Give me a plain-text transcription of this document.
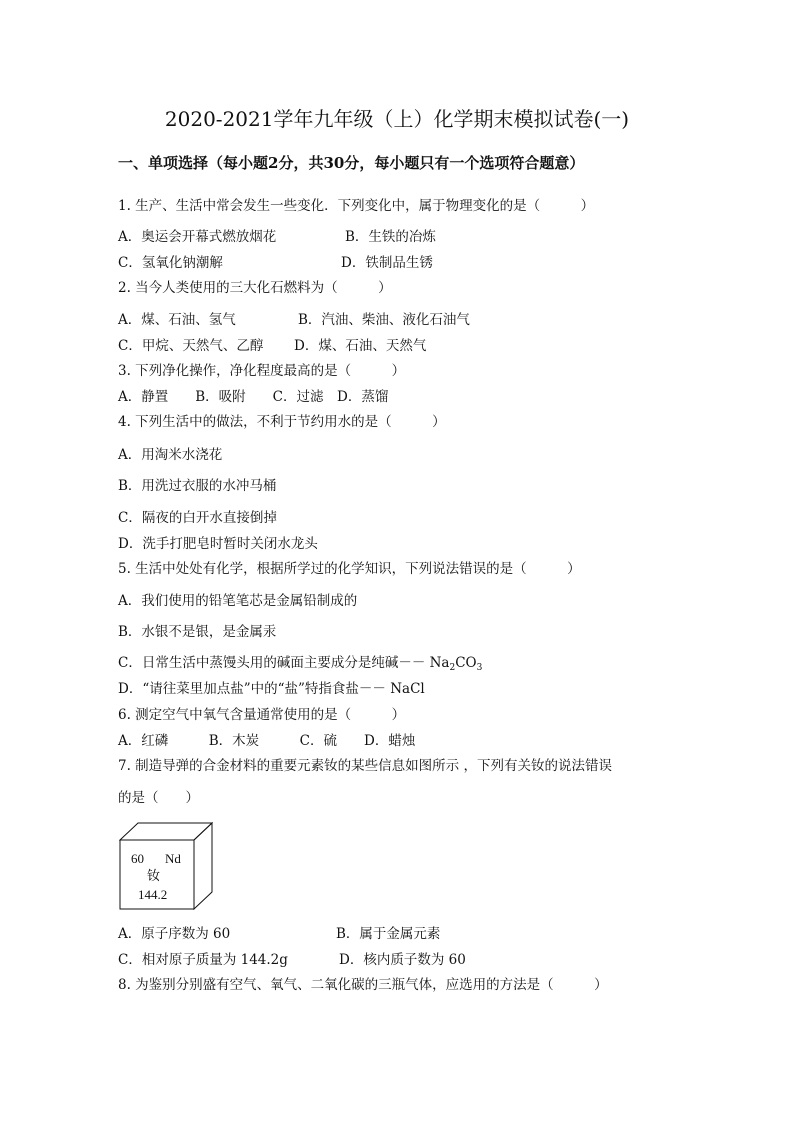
2020-2021学年九年级（上）化学期末模拟试卷(一)
一、单项选择（每小题2分，共30分，每小题只有一个选项符合题意）
1. 生产、生活中常会发生一些变化．下列变化中，属于物理变化的是（　　　）
A．奥运会开幕式燃放烟花	B．生铁的冶炼
C．氢氧化钠潮解	D．铁制品生锈
2. 当今人类使用的三大化石燃料为（　　　）
A．煤、石油、氢气	B．汽油、柴油、液化石油气
C．甲烷、天然气、乙醇 D．煤、石油、天然气
3. 下列净化操作，净化程度最高的是（　　　）
A．静置　　B．吸附　　C．过滤　D．蒸馏
4. 下列生活中的做法，不利于节约用水的是（　　　）
A．用淘米水浇花
B．用洗过衣服的水冲马桶
C．隔夜的白开水直接倒掉
D．洗手打肥皂时暂时关闭水龙头
5. 生活中处处有化学，根据所学过的化学知识，下列说法错误的是（　　　）
A．我们使用的铅笔笔芯是金属铅制成的
B．水银不是银，是金属汞
C．日常生活中蒸馒头用的碱面主要成分是纯碱－－ $Na_2CO_3$
D．“请往菜里加点盐”中的“盐”特指食盐－－ NaCl
6. 测定空气中氧气含量通常使用的是（　　　）
A．红磷　　　B．木炭　　　C．硫　　D．蜡烛
7. 制造导弹的合金材料的重要元素钕的某些信息如图所示 ，下列有关钕的说法错误
的是（　　）
60 Nd
钕
144.2
A．原子序数为 60	B．属于金属元素
C．相对原子质量为 144.2g	D．核内质子数为 60
8. 为鉴别分别盛有空气、氧气、二氧化碳的三瓶气体，应选用的方法是（　　　）
